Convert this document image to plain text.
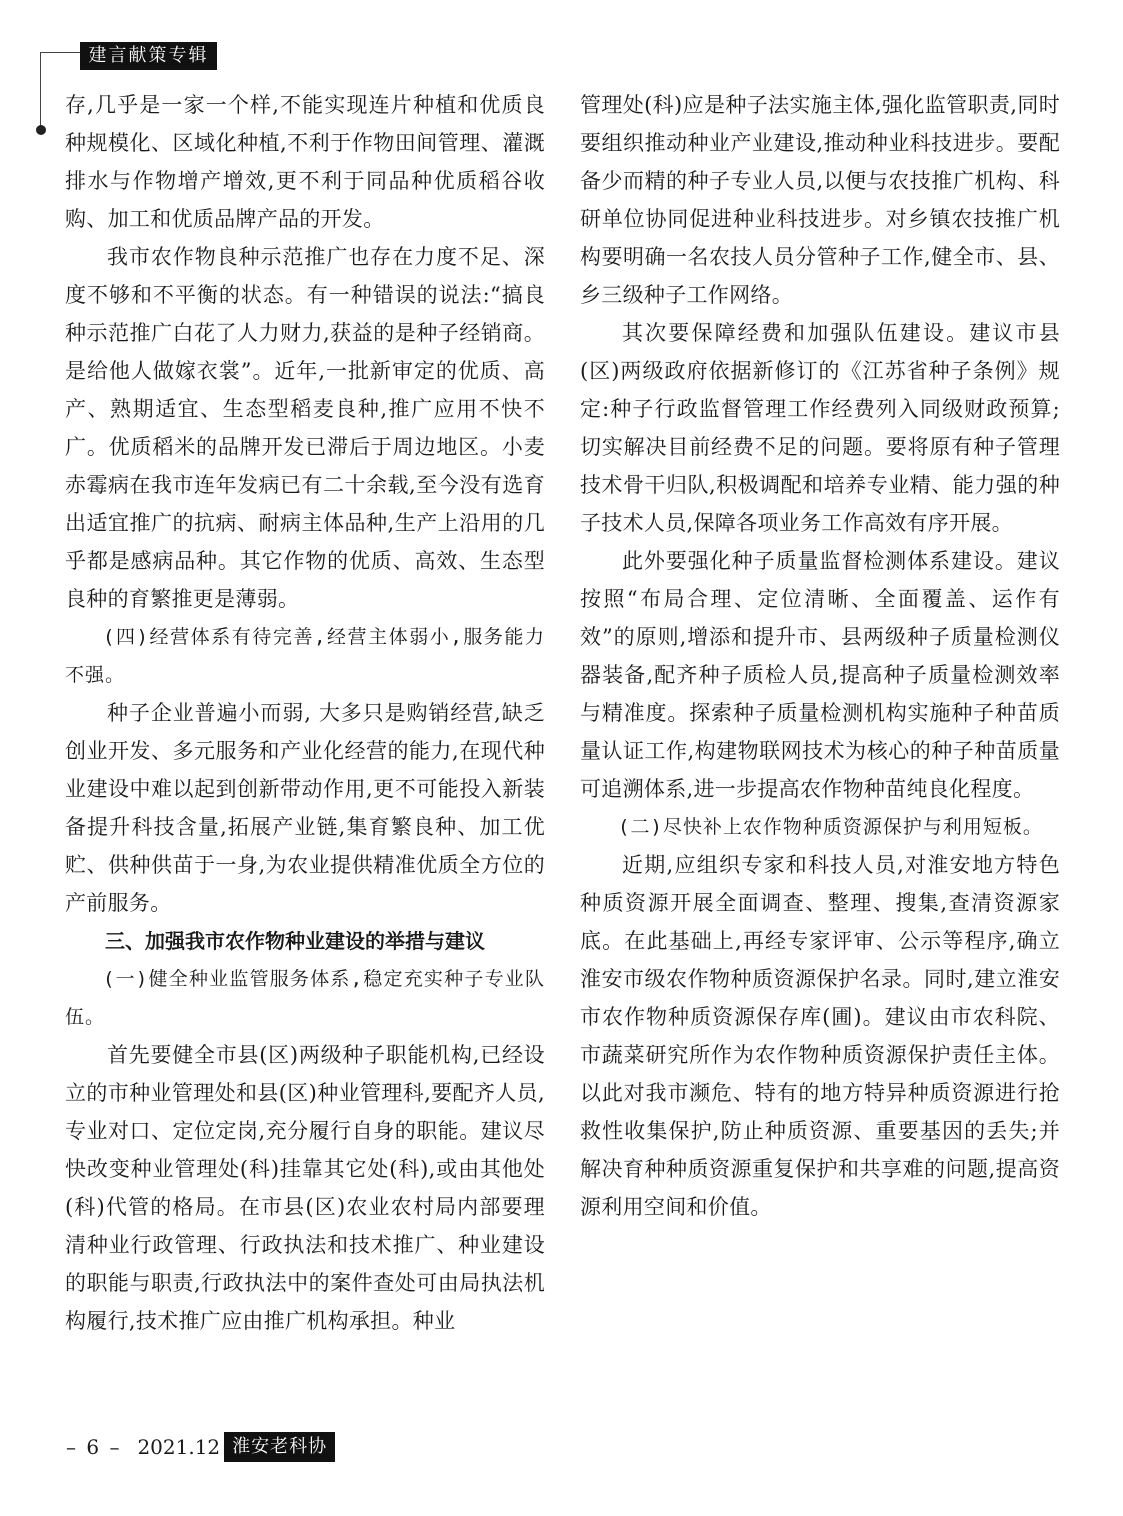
建言献策专辑

存,几乎是一家一个样,不能实现连片种植和优质良种规模化、区域化种植,不利于作物田间管理、灌溉排水与作物增产增效,更不利于同品种优质稻谷收购、加工和优质品牌产品的开发。

我市农作物良种示范推广也存在力度不足、深度不够和不平衡的状态。有一种错误的说法:“搞良种示范推广白花了人力财力,获益的是种子经销商。是给他人做嫁衣裳”。近年,一批新审定的优质、高产、熟期适宜、生态型稻麦良种,推广应用不快不广。优质稻米的品牌开发已滞后于周边地区。小麦赤霉病在我市连年发病已有二十余载,至今没有选育出适宜推广的抗病、耐病主体品种,生产上沿用的几乎都是感病品种。其它作物的优质、高效、生态型良种的育繁推更是薄弱。

(四)经营体系有待完善,经营主体弱小,服务能力不强。

种子企业普遍小而弱, 大多只是购销经营,缺乏创业开发、多元服务和产业化经营的能力,在现代种业建设中难以起到创新带动作用,更不可能投入新装备提升科技含量,拓展产业链,集育繁良种、加工优贮、供种供苗于一身,为农业提供精准优质全方位的产前服务。

三、加强我市农作物种业建设的举措与建议

(一)健全种业监管服务体系,稳定充实种子专业队伍。

首先要健全市县(区)两级种子职能机构,已经设立的市种业管理处和县(区)种业管理科,要配齐人员,专业对口、定位定岗,充分履行自身的职能。建议尽快改变种业管理处(科)挂靠其它处(科),或由其他处(科)代管的格局。在市县(区)农业农村局内部要理清种业行政管理、行政执法和技术推广、种业建设的职能与职责,行政执法中的案件查处可由局执法机构履行,技术推广应由推广机构承担。种业

管理处(科)应是种子法实施主体,强化监管职责,同时要组织推动种业产业建设,推动种业科技进步。要配备少而精的种子专业人员,以便与农技推广机构、科研单位协同促进种业科技进步。对乡镇农技推广机构要明确一名农技人员分管种子工作,健全市、县、乡三级种子工作网络。

其次要保障经费和加强队伍建设。建议市县(区)两级政府依据新修订的《江苏省种子条例》规定:种子行政监督管理工作经费列入同级财政预算; 切实解决目前经费不足的问题。要将原有种子管理技术骨干归队,积极调配和培养专业精、能力强的种子技术人员,保障各项业务工作高效有序开展。

此外要强化种子质量监督检测体系建设。建议按照“布局合理、定位清晰、全面覆盖、运作有效”的原则,增添和提升市、县两级种子质量检测仪器装备,配齐种子质检人员,提高种子质量检测效率与精准度。探索种子质量检测机构实施种子种苗质量认证工作,构建物联网技术为核心的种子种苗质量可追溯体系,进一步提高农作物种苗纯良化程度。

(二)尽快补上农作物种质资源保护与利用短板。

近期,应组织专家和科技人员,对淮安地方特色种质资源开展全面调查、整理、搜集,查清资源家底。在此基础上,再经专家评审、公示等程序,确立淮安市级农作物种质资源保护名录。同时,建立淮安市农作物种质资源保存库(圃)。建议由市农科院、市蔬菜研究所作为农作物种质资源保护责任主体。以此对我市濒危、特有的地方特异种质资源进行抢救性收集保护,防止种质资源、重要基因的丢失;并解决育种种质资源重复保护和共享难的问题,提高资源利用空间和价值。

– 6 – 2021.12 淮安老科协
